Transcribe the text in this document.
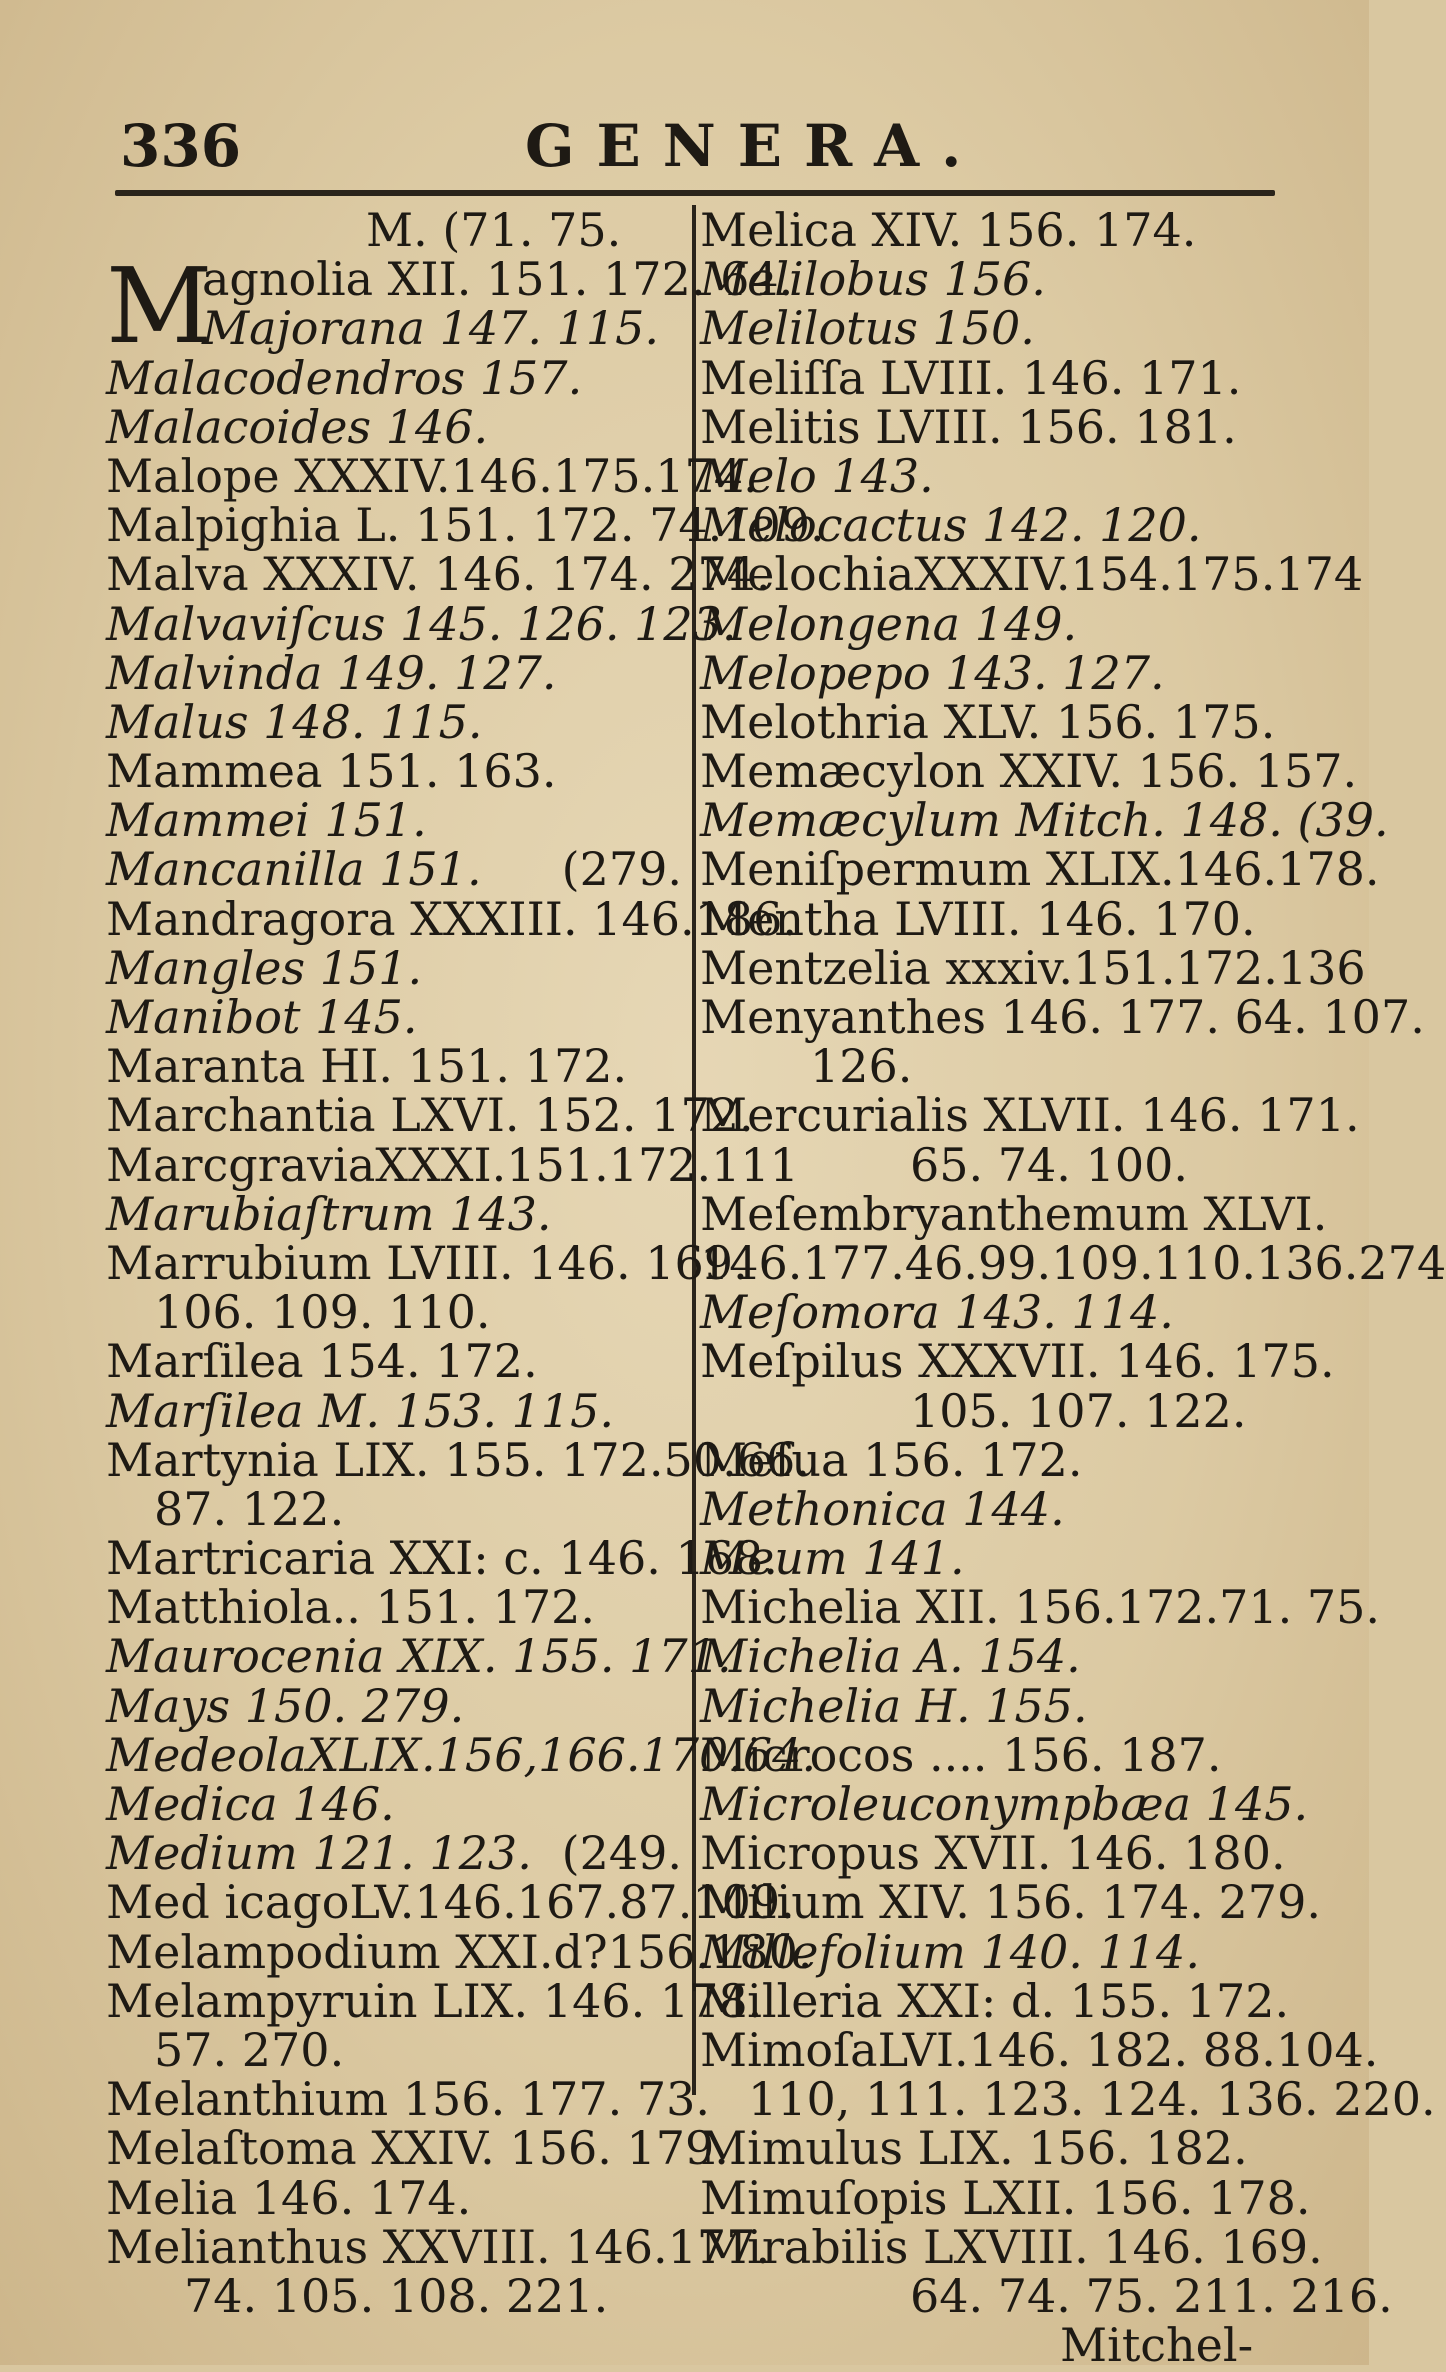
336	GENERA.
M. (71. 75.
M
agnolia XII. 151. 172. 64.
Majorana 147. 115.
Malacodendros 157.
Malacoides 146.
Malope XXXIV.146.175.174.
Malpighia L. 151. 172. 74.109.
Malva XXXIV. 146. 174. 274.
Malvaviſcus 145. 126. 123.
Malvinda 149. 127.
Malus 148. 115.
Mammea 151. 163.
Mammei 151.
Mancanilla 151. (279.
Mandragora XXXIII. 146.186.
Mangles 151.
Manibot 145.
Maranta HI. 151. 172.
Marchantia LXVI. 152. 172.
MarcgraviaXXXI.151.172.111
Marubiaſtrum 143.
Marrubium LVIII. 146. 169.
106. 109. 110.
Marſilea 154. 172.
Marſilea M. 153. 115.
Martynia LIX. 155. 172.50.66.
87. 122.
Martricaria XXI: c. 146. 168.
Matthiola.. 151. 172.
Maurocenia XIX. 155. 171.
Mays 150. 279.
MedeolaXLIX.156,166.170.64.
Medica 146.
Medium 121. 123. (249.
Med icagoLV.146.167.87.109.
Melampodium XXI.d?156.180.
Melampyruin LIX. 146. 178.
57. 270.
Melanthium 156. 177. 73.
Melaſtoma XXIV. 156. 179.
Melia 146. 174.
Melianthus XXVIII. 146.177.
74. 105. 108. 221.
Melica XIV. 156. 174.
Melilobus 156.
Melilotus 150.
Meliſſa LVIII. 146. 171.
Melitis LVIII. 156. 181.
Melo 143.
Melocactus 142. 120.
MelochiaXXXIV.154.175.174
Melongena 149.
Melopepo 143. 127.
Melothria XLV. 156. 175.
Memæcylon XXIV. 156. 157.
Memæcylum Mitch. 148. (39.
Meniſpermum XLIX.146.178.
Mentha LVIII. 146. 170.
Mentzelia xxxiv.151.172.136
Menyanthes 146. 177. 64. 107.
126.
Mercurialis XLVII. 146. 171.
65. 74. 100.
Meſembryanthemum XLVI.
146.177.46.99.109.110.136.274
Meſomora 143. 114.
Meſpilus XXXVII. 146. 175.
105. 107. 122.
Meſua 156. 172.
Methonica 144.
Meum 141.
Michelia XII. 156.172.71. 75.
Michelia A. 154.
Michelia H. 155.
Microcos .... 156. 187.
Microleuconympbæa 145.
Micropus XVII. 146. 180.
Milium XIV. 156. 174. 279.
Millefolium 140. 114.
Milleria XXI: d. 155. 172.
MimoſaLVI.146. 182. 88.104.
110, 111. 123. 124. 136. 220.
Mimulus LIX. 156. 182.
Mimuſopis LXII. 156. 178.
Mirabilis LXVIII. 146. 169.
64. 74. 75. 211. 216.
Mitchel-
